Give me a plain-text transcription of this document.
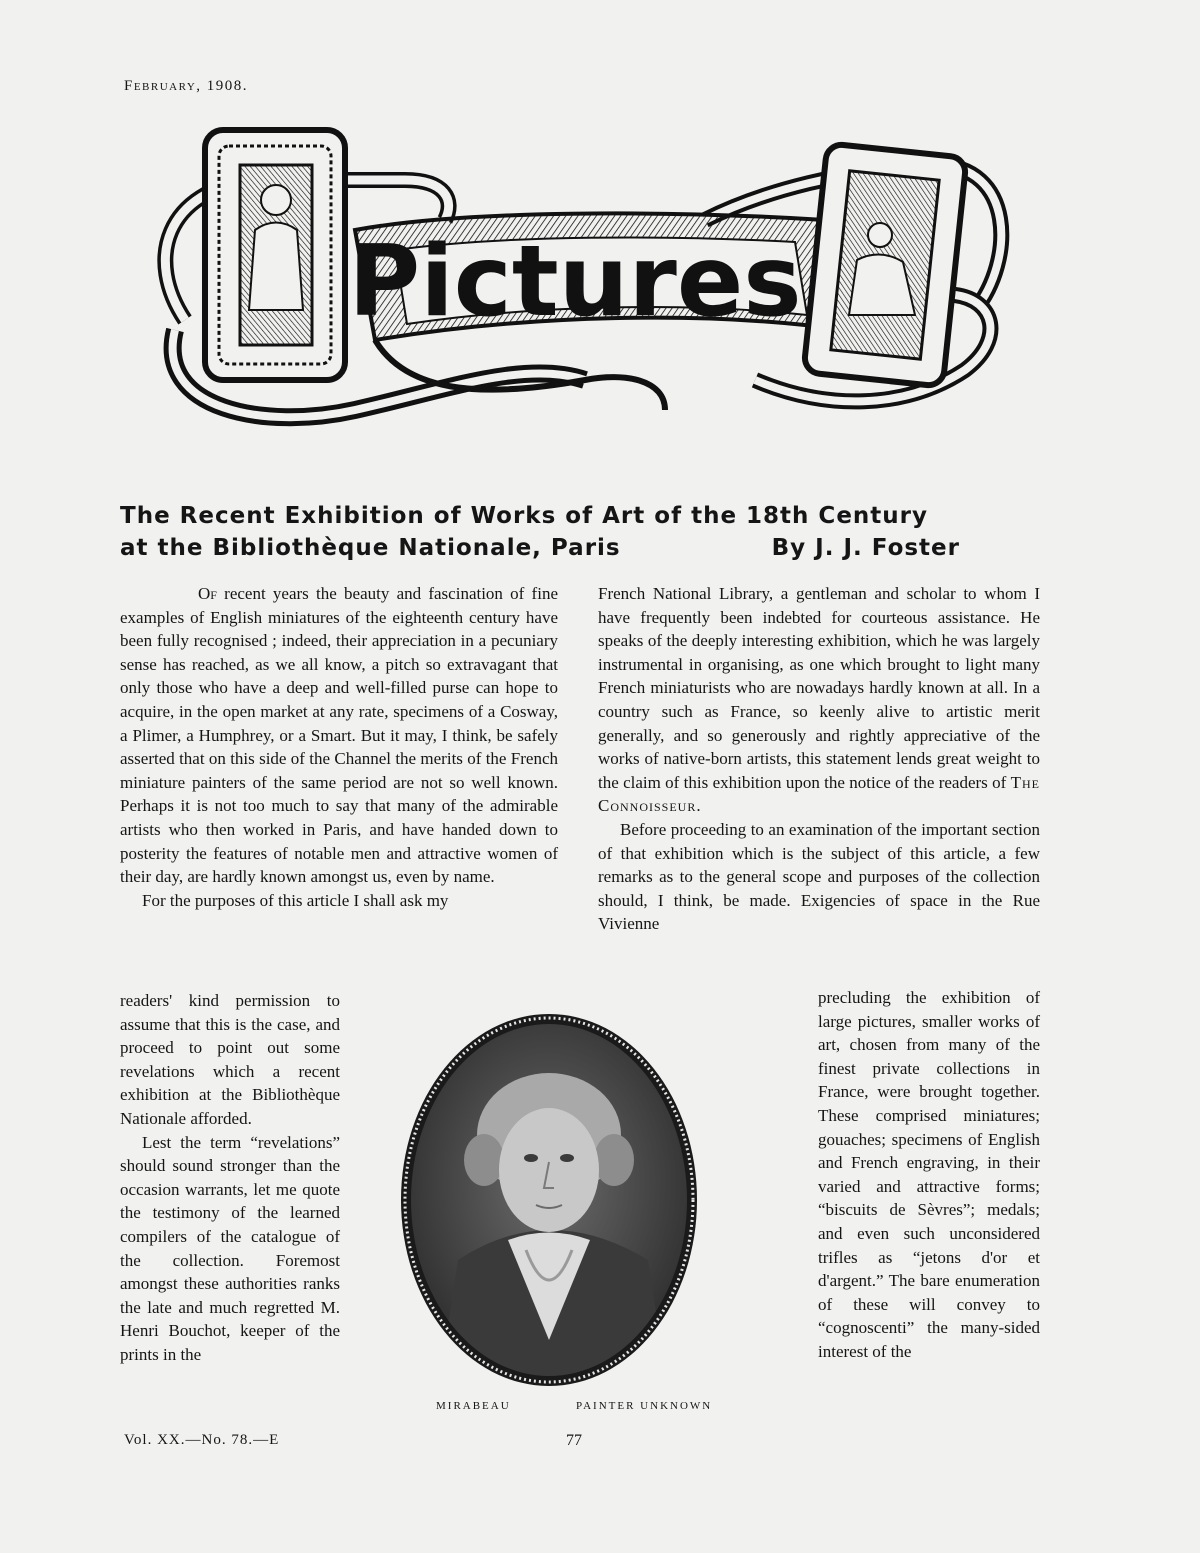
February, 1908.
Pictures
The Recent Exhibition of Works of Art of the 18th Century
at the Bibliothèque Nationale, Paris	By J. J. Foster

Of recent years the beauty and fascination of fine examples of English miniatures of the eighteenth century have been fully recognised ; indeed, their appreciation in a pecuniary sense has reached, as we all know, a pitch so extravagant that only those who have a deep and well-filled purse can hope to acquire, in the open market at any rate, specimens of a Cosway, a Plimer, a Humphrey, or a Smart. But it may, I think, be safely asserted that on this side of the Channel the merits of the French miniature painters of the same period are not so well known. Perhaps it is not too much to say that many of the admirable artists who then worked in Paris, and have handed down to posterity the features of notable men and attractive women of their day, are hardly known amongst us, even by name.

For the purposes of this article I shall ask my

readers' kind permission to assume that this is the case, and proceed to point out some revelations which a recent exhibition at the Bibliothèque Nationale afforded.

Lest the term “revelations” should sound stronger than the occasion warrants, let me quote the testimony of the learned compilers of the catalogue of the collection. Foremost amongst these authorities ranks the late and much regretted M. Henri Bouchot, keeper of the prints in the

French National Library, a gentleman and scholar to whom I have frequently been indebted for courteous assistance. He speaks of the deeply interesting exhibition, which he was largely instrumental in organising, as one which brought to light many French miniaturists who are nowadays hardly known at all. In a country such as France, so keenly alive to artistic merit generally, and so generously and rightly appreciative of the works of native-born artists, this statement lends great weight to the claim of this exhibition upon the notice of the readers of The Connoisseur.

Before proceeding to an examination of the important section of that exhibition which is the subject of this article, a few remarks as to the general scope and purposes of the collection should, I think, be made. Exigencies of space in the Rue Vivienne

precluding the exhibition of large pictures, smaller works of art, chosen from many of the finest private collections in France, were brought together. These comprised miniatures; gouaches; specimens of English and French engraving, in their varied and attractive forms; “biscuits de Sèvres”; medals; and even such unconsidered trifles as “jetons d'or et d'argent.” The bare enumeration of these will convey to “cognoscenti” the many-sided interest of the

MIRABEAU	PAINTER UNKNOWN
Vol. XX.—No. 78.—E	77
